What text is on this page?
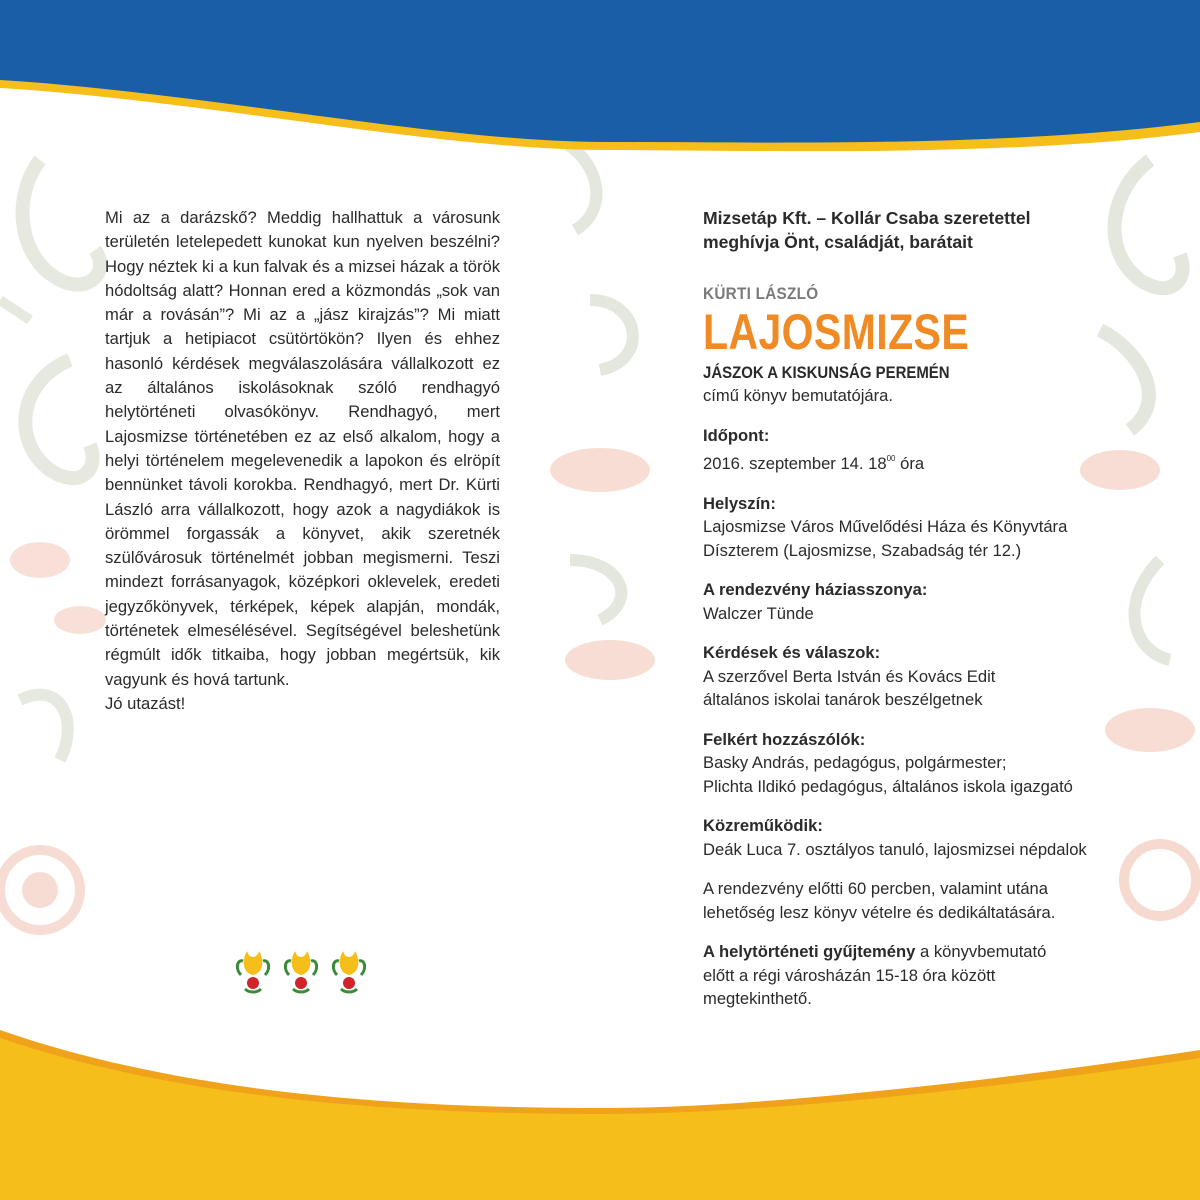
Mi az a darázskő? Meddig hallhattuk a városunk területén letelepedett kunokat kun nyelven beszélni? Hogy néztek ki a kun falvak és a mizsei házak a török hódoltság alatt? Honnan ered a közmondás „sok van már a rovásán”? Mi az a „jász kirajzás”? Mi miatt tartjuk a hetipiacot csütörtökön? Ilyen és ehhez hasonló kérdések megválaszolására vállalkozott ez az általános iskolásoknak szóló rendhagyó helytörténeti olvasókönyv. Rendhagyó, mert Lajosmizse történetében ez az első alkalom, hogy a helyi történelem megelevenedik a lapokon és elröpít bennünket távoli korokba. Rendhagyó, mert Dr. Kürti László arra vállalkozott, hogy azok a nagydiákok is örömmel forgassák a könyvet, akik szeretnék szülővárosuk történelmét jobban megismerni. Teszi mindezt forrásanyagok, középkori oklevelek, eredeti jegyzőkönyvek, térképek, képek alapján, mondák, történetek elmesélésével. Segítségével beleshetünk régmúlt idők titkaiba, hogy jobban megértsük, kik vagyunk és hová tartunk.

Jó utazást!

Mizsetáp Kft. – Kollár Csaba szeretettel
meghívja Önt, családját, barátait
KÜRTI LÁSZLÓ
LAJOSMIZSE
JÁSZOK A KISKUNSÁG PEREMÉN
című könyv bemutatójára.
Időpont:
2016. szeptember 14. $18^{00}$ óra
Helyszín:
Lajosmizse Város Művelődési Háza és Könyvtára
Díszterem (Lajosmizse, Szabadság tér 12.)
A rendezvény háziasszonya:
Walczer Tünde
Kérdések és válaszok:
A szerzővel Berta István és Kovács Edit
általános iskolai tanárok beszélgetnek
Felkért hozzászólók:
Basky András, pedagógus, polgármester;
Plichta Ildikó pedagógus, általános iskola igazgató
Közreműködik:
Deák Luca 7. osztályos tanuló, lajosmizsei népdalok
A rendezvény előtti 60 percben, valamint utána
lehetőség lesz könyv vételre és dedikáltatására.
A helytörténeti gyűjtemény a könyvbemutató
előtt a régi városházán 15-18 óra között
megtekinthető.
